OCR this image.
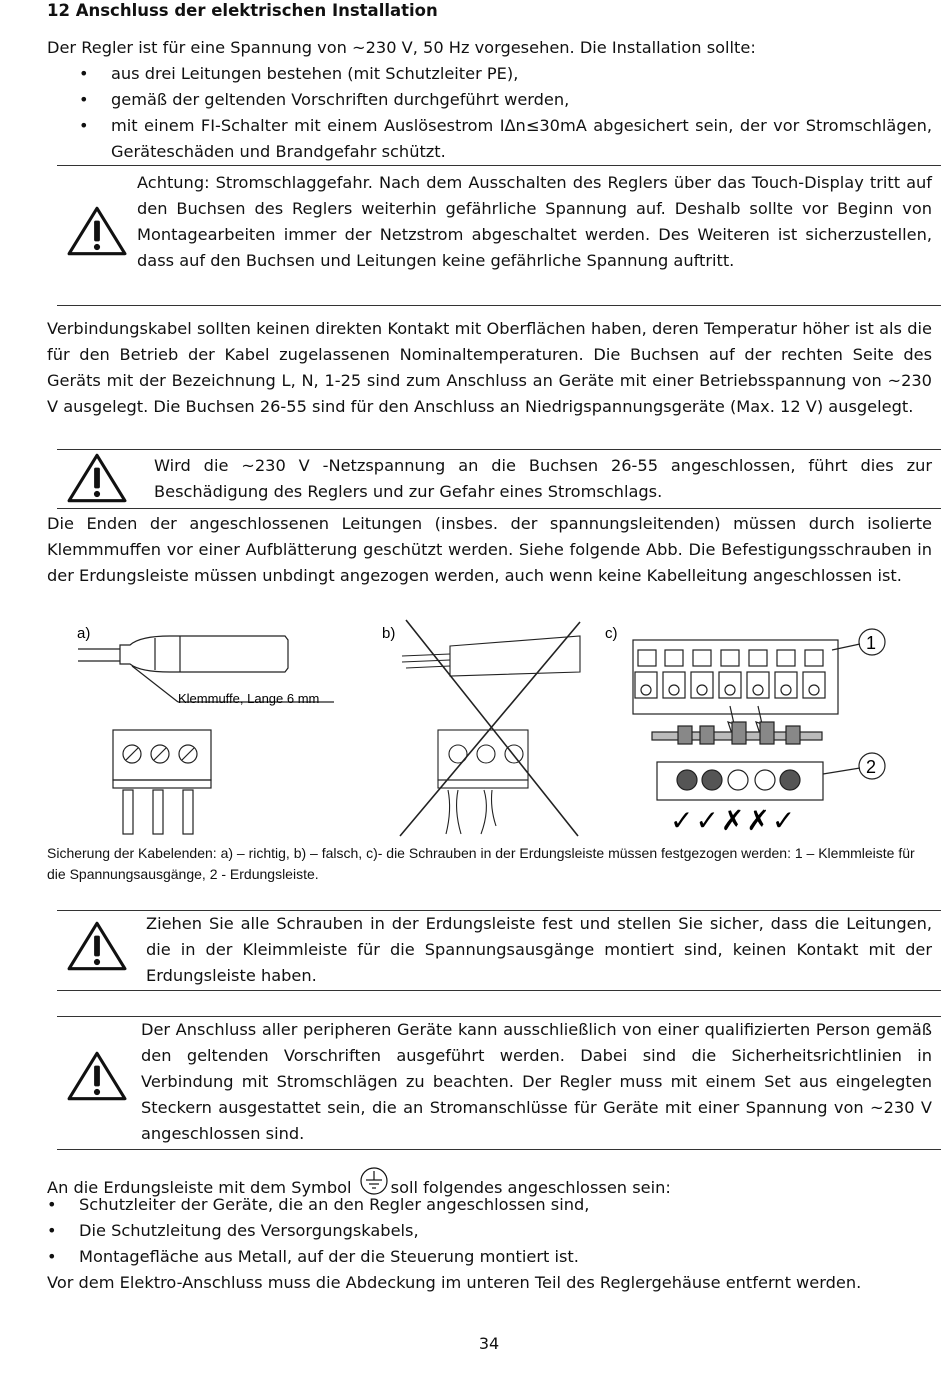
12 Anschluss der elektrischen Installation
Der Regler ist für eine Spannung von ~230 V, 50 Hz vorgesehen. Die Installation sollte:
• aus drei Leitungen bestehen (mit Schutzleiter PE),
• gemäß der geltenden Vorschriften durchgeführt werden,
• mit einem FI-Schalter mit einem Auslösestrom IΔn≤30mA abgesichert sein, der vor Stromschlägen, Geräteschäden und Brandgefahr schützt.
Achtung: Stromschlaggefahr. Nach dem Ausschalten des Reglers über das Touch-Display tritt auf den Buchsen des Reglers weiterhin gefährliche Spannung auf. Deshalb sollte vor Beginn von Montagearbeiten immer der Netzstrom abgeschaltet werden. Des Weiteren ist sicherzustellen, dass auf den Buchsen und Leitungen keine gefährliche Spannung auftritt.
Verbindungskabel sollten keinen direkten Kontakt mit Oberflächen haben, deren Temperatur höher ist als die für den Betrieb der Kabel zugelassenen Nominaltemperaturen. Die Buchsen auf der rechten Seite des Geräts mit der Bezeichnung L, N, 1-25 sind zum Anschluss an Geräte mit einer Betriebsspannung von ~230 V ausgelegt. Die Buchsen 26-55 sind für den Anschluss an Niedrigspannungsgeräte (Max. 12 V) ausgelegt.
Wird die ~230 V -Netzspannung an die Buchsen 26-55 angeschlossen, führt dies zur Beschädigung des Reglers und zur Gefahr eines Stromschlags.
Die Enden der angeschlossenen Leitungen (insbes. der spannungsleitenden) müssen durch isolierte Klemmmuffen vor einer Aufblätterung geschützt werden. Siehe folgende Abb. Die Befestigungsschrauben in der Erdungsleiste müssen unbdingt angezogen werden, auch wenn keine Kabelleitung angeschlossen ist.
a)
Klemmuffe, Lange 6 mm
b)	c)	1
2
✓✓✗✗✓
Sicherung der Kabelenden: a) – richtig, b) – falsch, c)- die Schrauben in der Erdungsleiste müssen festgezogen werden: 1 – Klemmleiste für die Spannungsausgänge, 2 - Erdungsleiste.
Ziehen Sie alle Schrauben in der Erdungsleiste fest und stellen Sie sicher, dass die Leitungen, die in der Kleimmleiste für die Spannungsausgänge montiert sind, keinen Kontakt mit der Erdungsleiste haben.
Der Anschluss aller peripheren Geräte kann ausschließlich von einer qualifizierten Person gemäß den geltenden Vorschriften ausgeführt werden. Dabei sind die Sicherheitsrichtlinien in Verbindung mit Stromschlägen zu beachten. Der Regler muss mit einem Set aus eingelegten Steckern ausgestattet sein, die an Stromanschlüsse für Geräte mit einer Spannung von ~230 V angeschlossen sind.
An die Erdungsleiste mit dem Symbol soll folgendes angeschlossen sein:
• Schutzleiter der Geräte, die an den Regler angeschlossen sind,
• Die Schutzleitung des Versorgungskabels,
• Montagefläche aus Metall, auf der die Steuerung montiert ist.
Vor dem Elektro-Anschluss muss die Abdeckung im unteren Teil des Reglergehäuse entfernt werden.
34
